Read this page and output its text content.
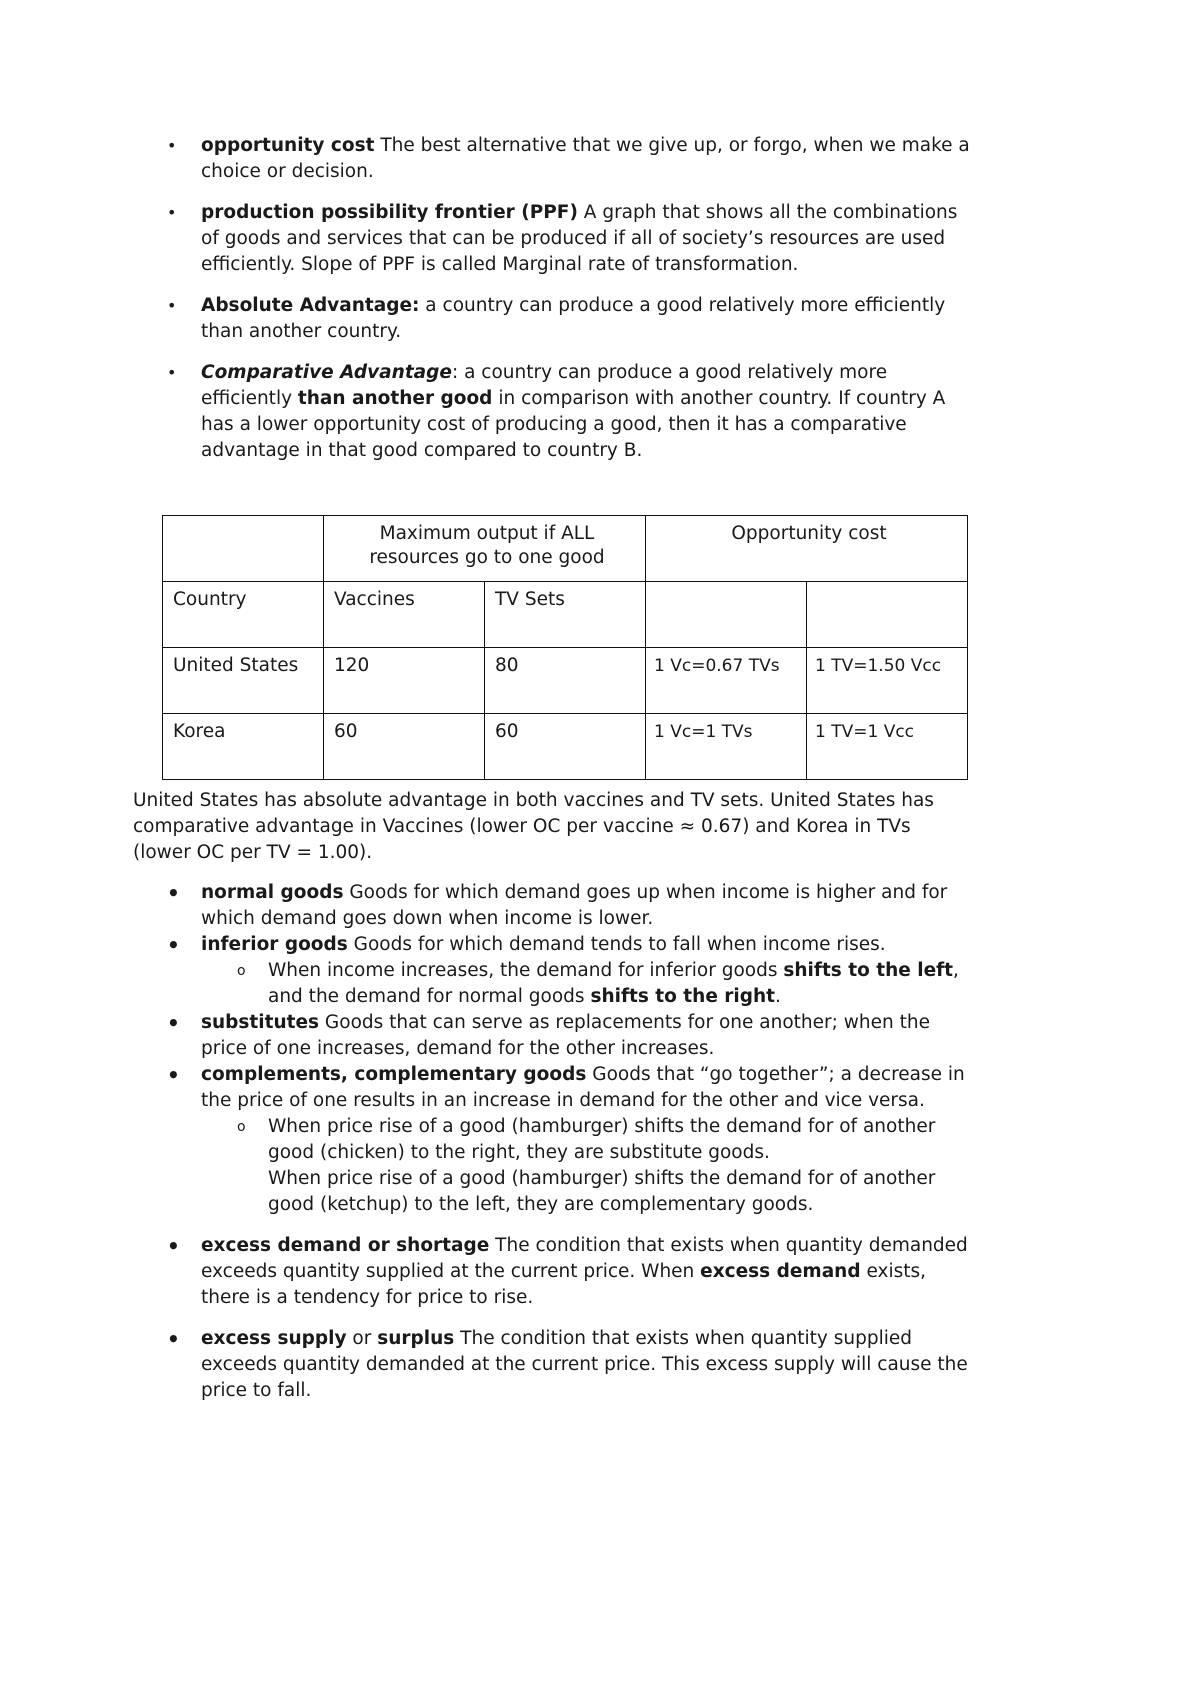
• opportunity cost The best alternative that we give up, or forgo, when we make a choice or decision.
• production possibility frontier (PPF) A graph that shows all the combinations of goods and services that can be produced if all of society’s resources are used efficiently. Slope of PPF is called Marginal rate of transformation.
• Absolute Advantage: a country can produce a good relatively more efficiently than another country.
• Comparative Advantage: a country can produce a good relatively more efficiently than another good in comparison with another country. If country A has a lower opportunity cost of producing a good, then it has a comparative advantage in that good compared to country B.
	Maximum output if ALL resources go to one good		Opportunity cost	
Country	Vaccines	TV Sets		
United States	120	80	1 Vc=0.67 TVs	1 TV=1.50 Vcc
Korea	60	60	1 Vc=1 TVs	1 TV=1 Vcc
United States has absolute advantage in both vaccines and TV sets. United States has comparative advantage in Vaccines (lower OC per vaccine ≈ 0.67) and Korea in TVs (lower OC per TV = 1.00).
• normal goods Goods for which demand goes up when income is higher and for which demand goes down when income is lower.
• inferior goods Goods for which demand tends to fall when income rises.
o When income increases, the demand for inferior goods shifts to the left, and the demand for normal goods shifts to the right.
• substitutes Goods that can serve as replacements for one another; when the price of one increases, demand for the other increases.
• complements, complementary goods Goods that “go together”; a decrease in the price of one results in an increase in demand for the other and vice versa.
o When price rise of a good (hamburger) shifts the demand for of another good (chicken) to the right, they are substitute goods.
When price rise of a good (hamburger) shifts the demand for of another good (ketchup) to the left, they are complementary goods.
• excess demand or shortage The condition that exists when quantity demanded exceeds quantity supplied at the current price. When excess demand exists, there is a tendency for price to rise.
• excess supply or surplus The condition that exists when quantity supplied exceeds quantity demanded at the current price. This excess supply will cause the price to fall.
